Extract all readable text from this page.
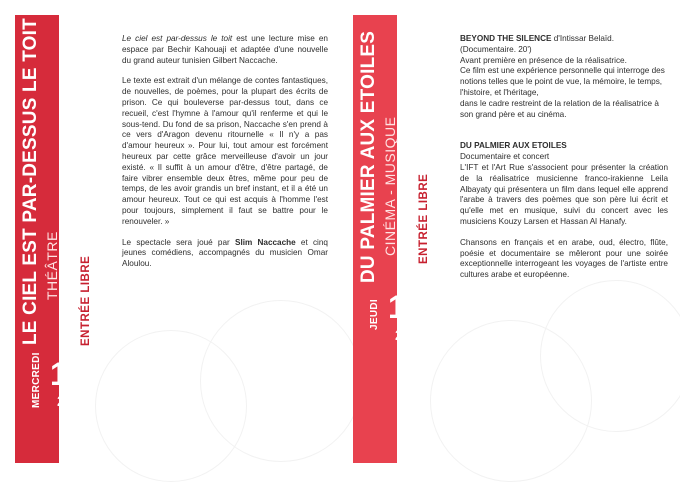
LE CIEL EST PAR-DESSUS LE TOIT THÉÂTRE ENTRÉE LIBRE
MERCREDI 14
22H

Le ciel est par-dessus le toit est une lecture mise en espace par Bechir Kahouaji et adaptée d'une nouvelle du grand auteur tunisien Gilbert Naccache.

Le texte est extrait d'un mélange de contes fantastiques, de nouvelles, de poèmes, pour la plupart des écrits de prison. Ce qui bouleverse par-dessus tout, dans ce recueil, c'est l'hymne à l'amour qu'il renferme et qui le sous-tend. Du fond de sa prison, Naccache s'en prend à ce vers d'Aragon devenu ritournelle « Il n'y a pas d'amour heureux ». Pour lui, tout amour est forcément heureux par cette grâce merveilleuse d'avoir un jour existé. « Il suffit à un amour d'être, d'être partagé, de faire vibrer ensemble deux êtres, même pour peu de temps, de les avoir grandis un bref instant, et il a été un amour heureux. Tout ce qui est acquis à l'homme l'est pour toujours, simplement il faut se battre pour le renouveler. »

Le spectacle sera joué par Slim Naccache et cinq jeunes comédiens, accompagnés du musicien Omar Aloulou.	DU PALMIER AUX ETOILES CINÉMA - MUSIQUE ENTRÉE LIBRE
JEUDI 15
22H

BEYOND THE SILENCE d'Intissar Belaïd.

(Documentaire. 20')

Avant première en présence de la réalisatrice.

Ce film est une expérience personnelle qui interroge des notions telles que le point de vue, la mémoire, le temps, l'histoire, et l'héritage,

dans le cadre restreint de la relation de la réalisatrice à son grand père et au cinéma.

DU PALMIER AUX ETOILES
Documentaire et concert

L'IFT et l'Art Rue s'associent pour présenter la création de la réalisatrice musicienne franco-irakienne Leila Albayaty qui présentera un film dans lequel elle apprend l'arabe à travers des poèmes que son père lui écrit et qu'elle met en musique, suivi du concert avec les musiciens Kouzy Larsen et Hassan Al Hanafy.

Chansons en français et en arabe, oud, électro, flûte, poésie et documentaire se mêleront pour une soirée exceptionnelle interrogeant les voyages de l'artiste entre cultures arabe et européenne.
